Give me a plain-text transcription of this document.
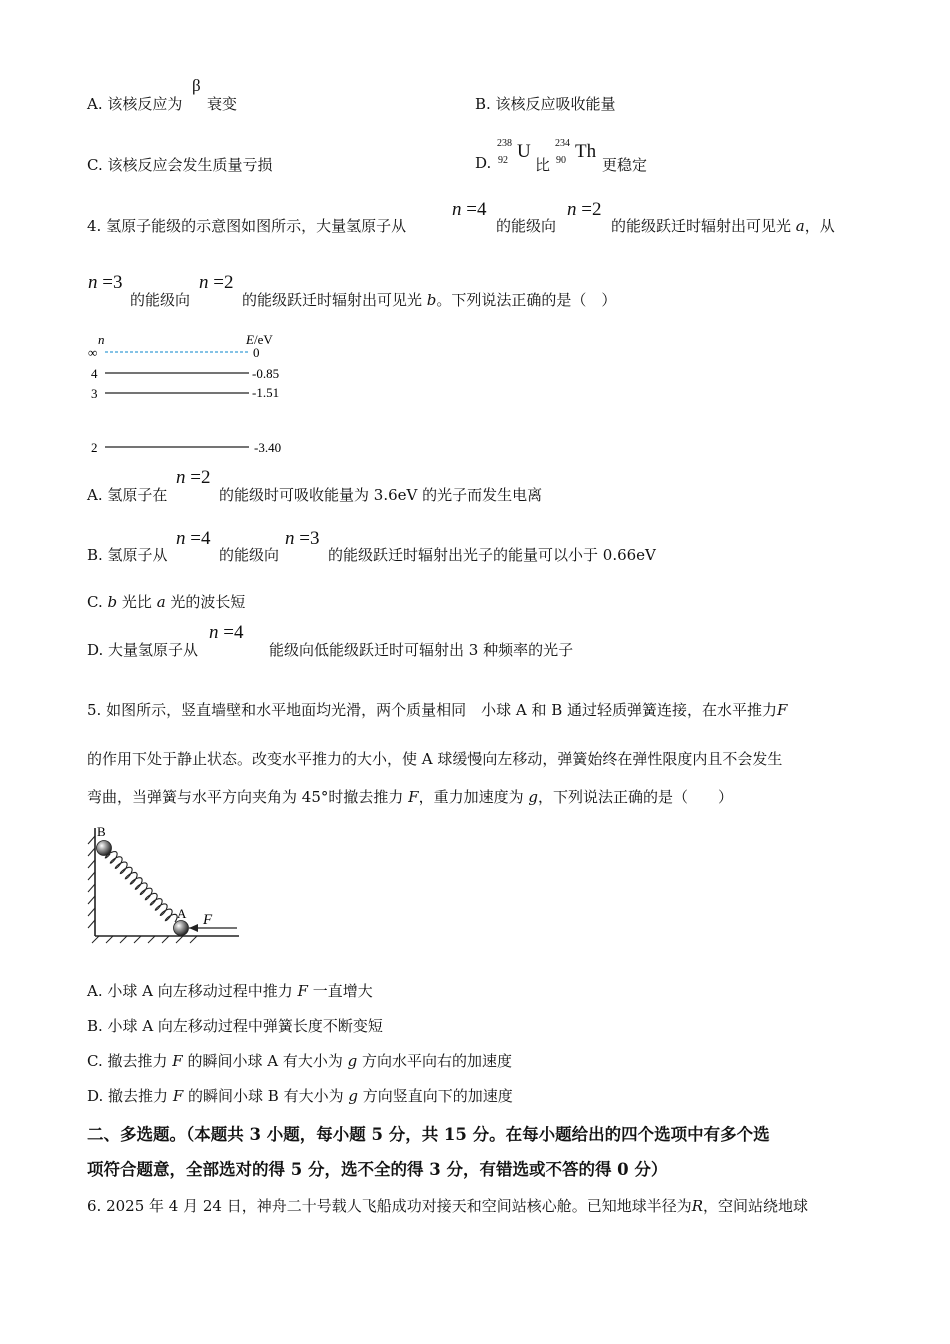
A. 该核反应为
β
衰变	B. 该核反应吸收能量
C. 该核反应会发生质量亏损	D.
238
92 U
比
234
90 Th
更稳定
4. 氢原子能级的示意图如图所示，大量氢原子从
n =4
的能级向
n =2
的能级跃迁时辐射出可见光 a，从
n =3
的能级向
n =2
的能级跃迁时辐射出可见光 b。下列说法正确的是（　）
n	E/eV
∞	0
4	-0.85
3	-1.51
2	-3.40
A. 氢原子在
n =2
的能级时可吸收能量为 3.6eV 的光子而发生电离
B. 氢原子从
n =4
的能级向
n =3
的能级跃迁时辐射出光子的能量可以小于 0.66eV
C. b 光比 a 光的波长短
D. 大量氢原子从
n =4
能级向低能级跃迁时可辐射出 3 种频率的光子
5. 如图所示，竖直墙壁和水平地面均光滑，两个质量相同　小球 A 和 B 通过轻质弹簧连接，在水平推力F
的作用下处于静止状态。改变水平推力的大小，使 A 球缓慢向左移动，弹簧始终在弹性限度内且不会发生
弯曲，当弹簧与水平方向夹角为 45°时撤去推力 F，重力加速度为 g，下列说法正确的是（　　）
B
A F
A. 小球 A 向左移动过程中推力 F 一直增大
B. 小球 A 向左移动过程中弹簧长度不断变短
C. 撤去推力 F 的瞬间小球 A 有大小为 g 方向水平向右的加速度
D. 撤去推力 F 的瞬间小球 B 有大小为 g 方向竖直向下的加速度
二、多选题。（本题共 3 小题，每小题 5 分，共 15 分。在每小题给出的四个选项中有多个选
项符合题意，全部选对的得 5 分，选不全的得 3 分，有错选或不答的得 0 分）
6. 2025 年 4 月 24 日，神舟二十号载人飞船成功对接天和空间站核心舱。已知地球半径为R，空间站绕地球
